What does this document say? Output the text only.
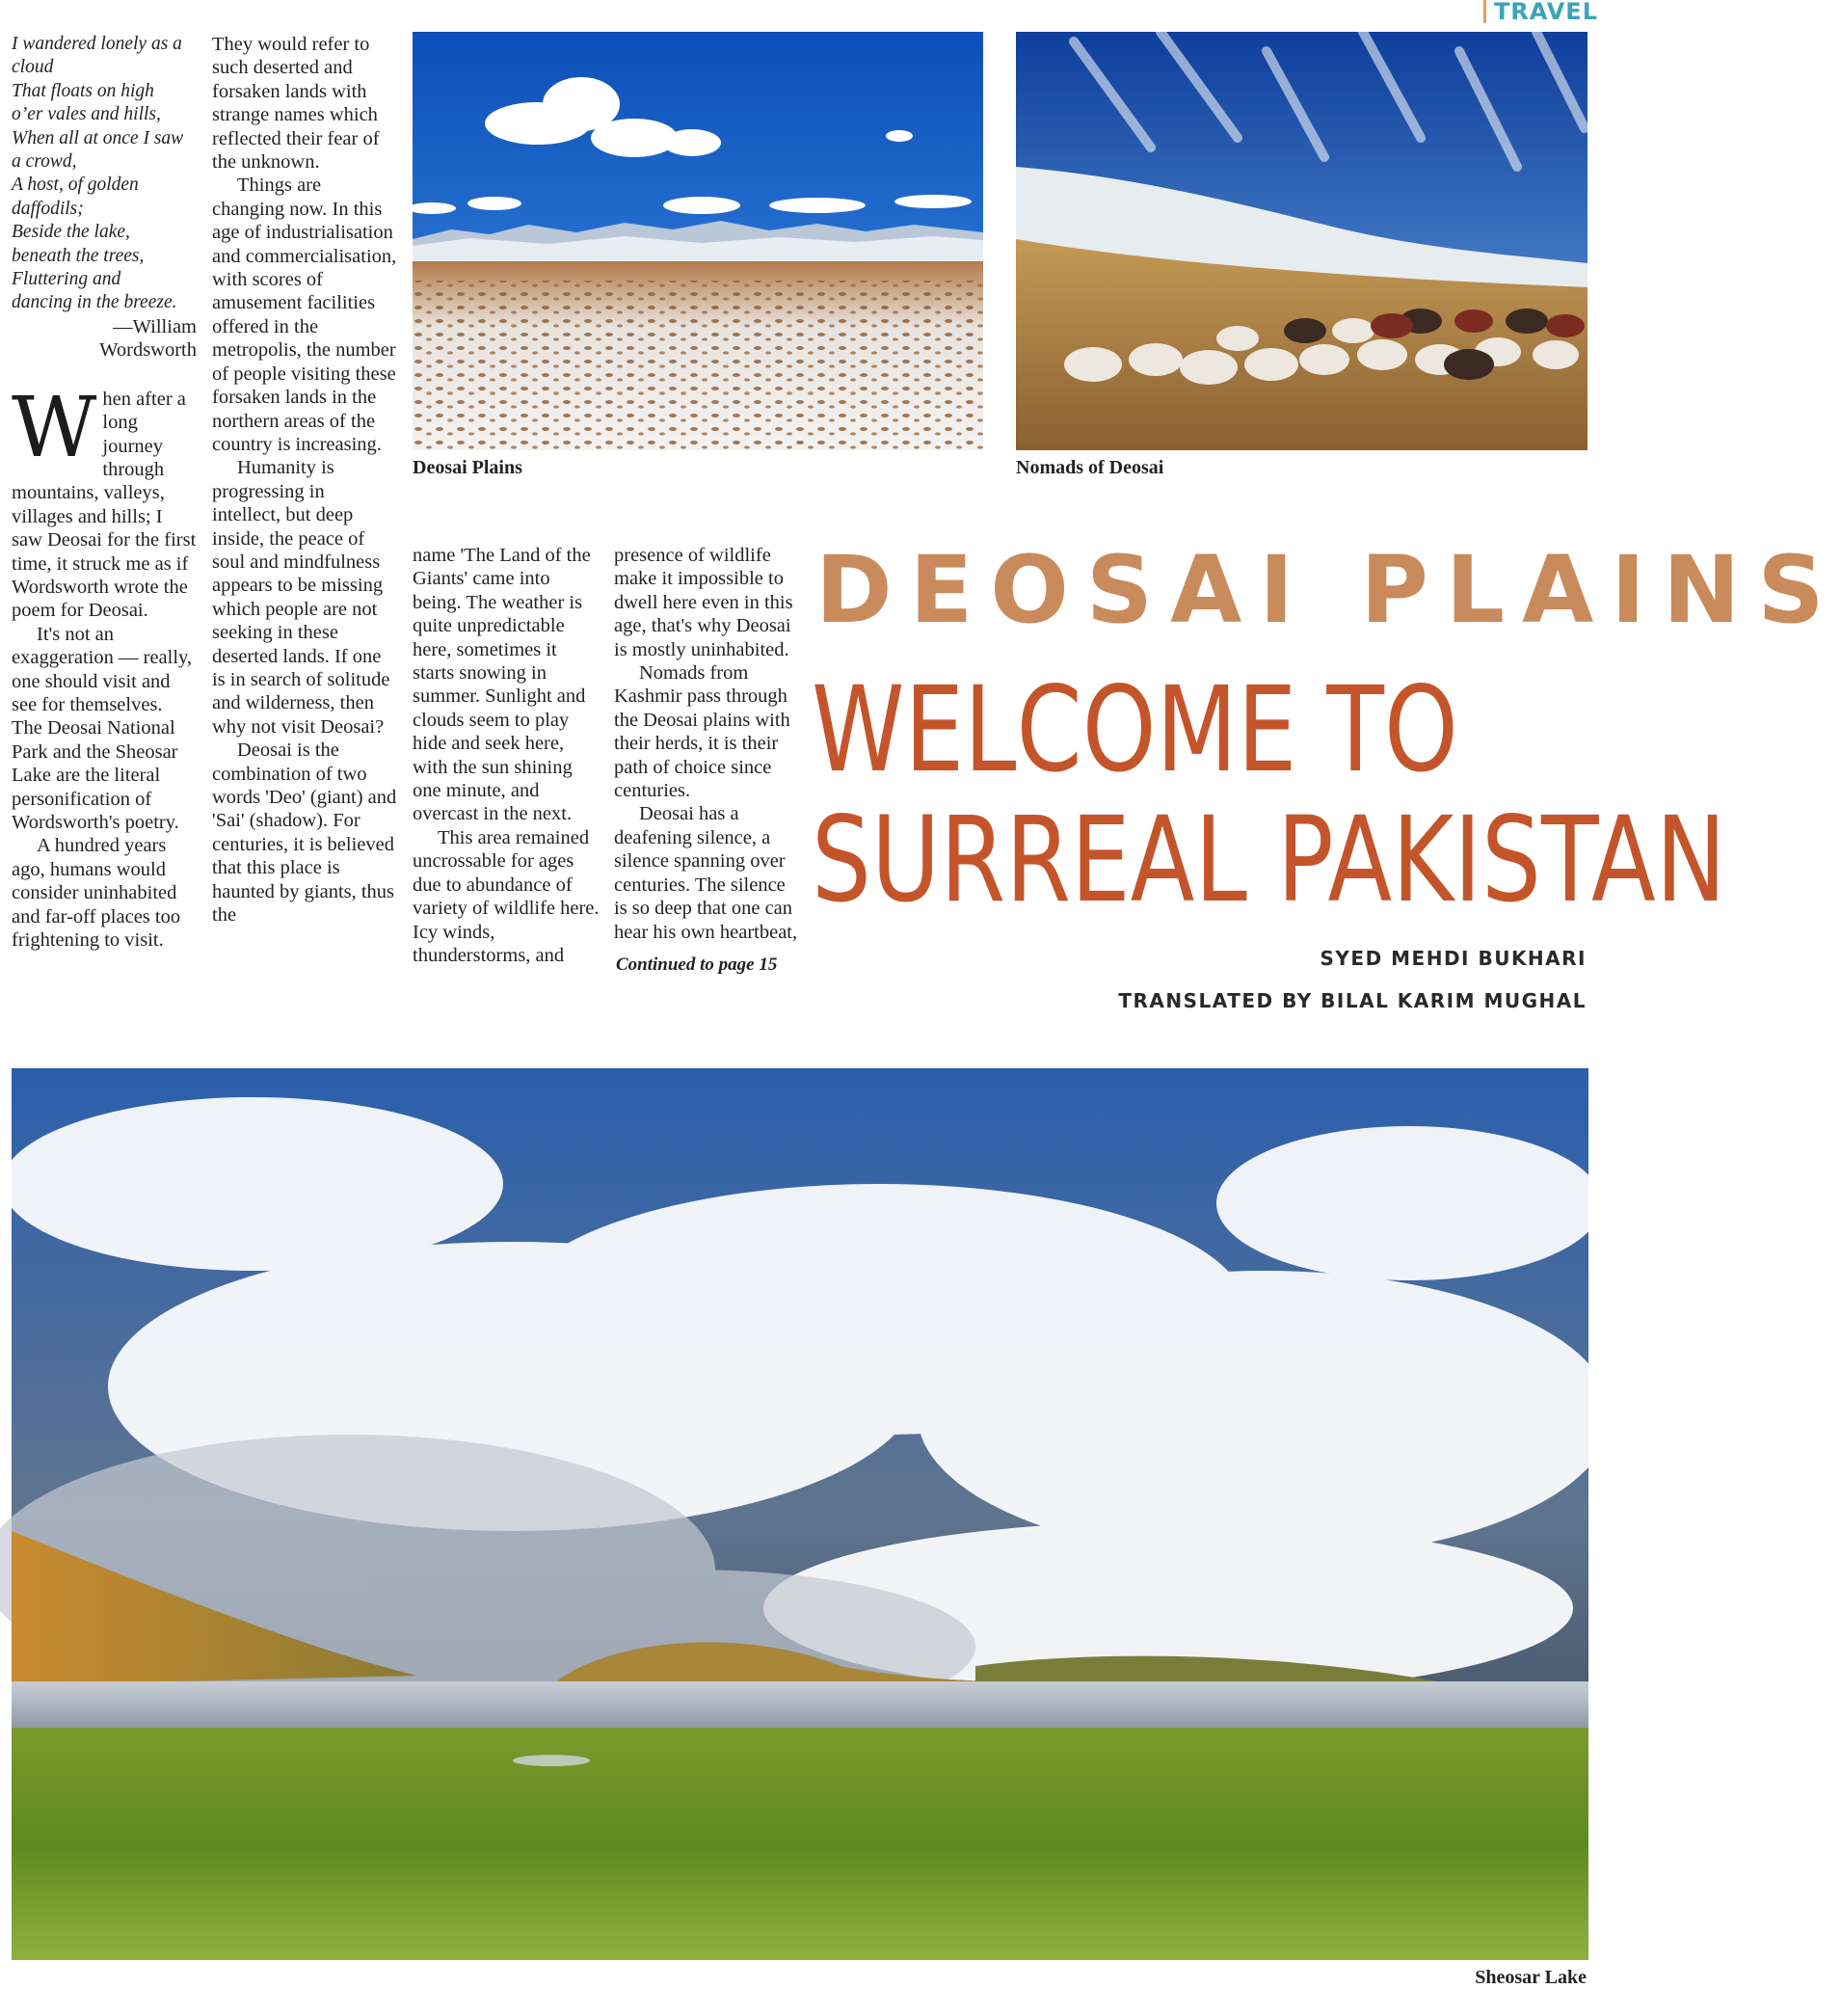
TRAVEL
I wandered lonely as a
cloud
That floats on high
o’er vales and hills,
When all at once I saw
a crowd,
A host, of golden
daffodils;
Beside the lake,
beneath the trees,
Fluttering and
dancing in the breeze.

—William

Wordsworth

When after a long journey through mountains, valleys, villages and hills; I saw Deosai for the first time, it struck me as if Wordsworth wrote the poem for Deosai.

It's not an exaggeration — really, one should visit and see for themselves. The Deosai National Park and the Sheosar Lake are the literal personification of Wordsworth's poetry.

A hundred years ago, humans would consider uninhabited and far-off places too frightening to visit.

They would refer to such deserted and forsaken lands with strange names which reflected their fear of the unknown.

Things are changing now. In this age of industrialisation and commercialisation, with scores of amusement facilities offered in the metropolis, the number of people visiting these forsaken lands in the northern areas of the country is increasing.

Humanity is progressing in intellect, but deep inside, the peace of soul and mindfulness appears to be missing which people are not seeking in these deserted lands. If one is in search of solitude and wilderness, then why not visit Deosai?

Deosai is the combination of two words 'Deo' (giant) and 'Sai' (shadow). For centuries, it is believed that this place is haunted by giants, thus the

name 'The Land of the Giants' came into being. The weather is quite unpredictable here, sometimes it starts snowing in summer. Sunlight and clouds seem to play hide and seek here, with the sun shining one minute, and overcast in the next.

This area remained uncrossable for ages due to abundance of variety of wildlife here. Icy winds, thunderstorms, and

presence of wildlife make it impossible to dwell here even in this age, that's why Deosai is mostly uninhabited.

Nomads from Kashmir pass through the Deosai plains with their herds, it is their path of choice since centuries.

Deosai has a deafening silence, a silence spanning over centuries. The silence is so deep that one can hear his own heartbeat,

Continued to page 15

Deosai Plains	Nomads of Deosai
DEOSAI PLAINS
WELCOME TO
SURREAL PAKISTAN
SYED MEHDI BUKHARI
TRANSLATED BY BILAL KARIM MUGHAL
Sheosar Lake
